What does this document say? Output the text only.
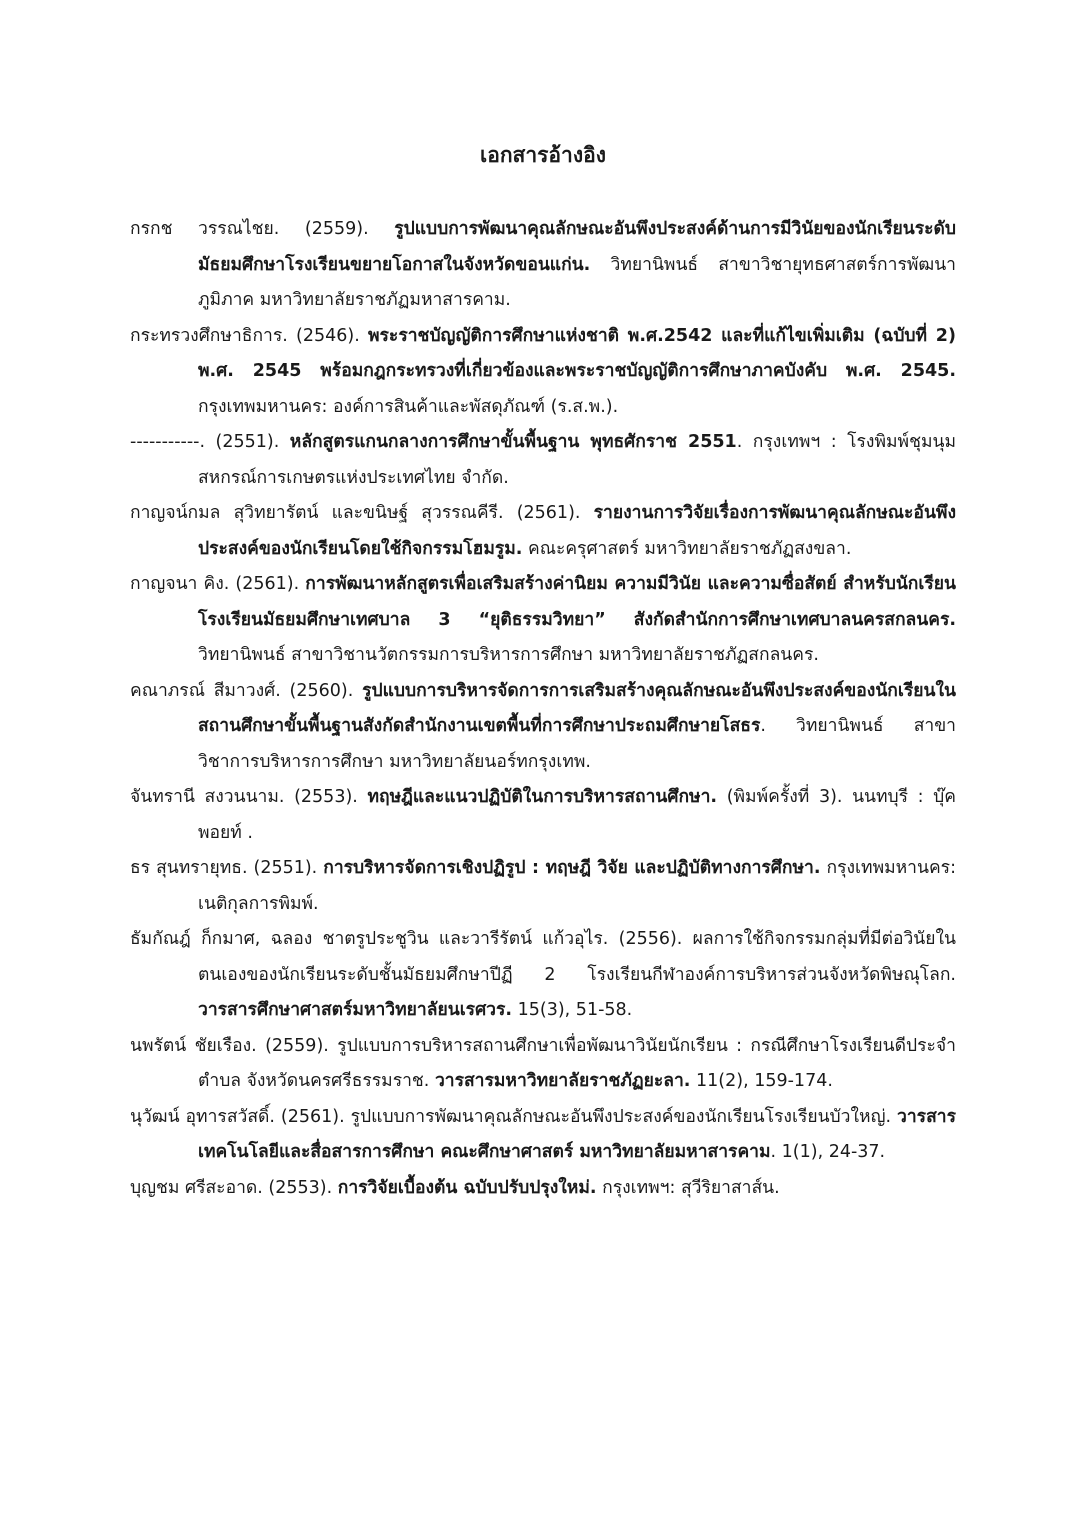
เอกสารอ้างอิง
กรกช วรรณไชย. (2559). รูปแบบการพัฒนาคุณลักษณะอันพึงประสงค์ด้านการมีวินัยของนักเรียนระดับมัธยมศึกษาโรงเรียนขยายโอกาสในจังหวัดขอนแก่น. วิทยานิพนธ์ สาขาวิชายุทธศาสตร์การพัฒนาภูมิภาค มหาวิทยาลัยราชภัฏมหาสารคาม.
กระทรวงศึกษาธิการ. (2546). พระราชบัญญัติการศึกษาแห่งชาติ พ.ศ.2542 และที่แก้ไขเพิ่มเติม (ฉบับที่ 2) พ.ศ. 2545 พร้อมกฎกระทรวงที่เกี่ยวข้องและพระราชบัญญัติการศึกษาภาคบังคับ พ.ศ. 2545. กรุงเทพมหานคร: องค์การสินค้าและพัสดุภัณฑ์ (ร.ส.พ.).
-----------. (2551). หลักสูตรแกนกลางการศึกษาขั้นพื้นฐาน พุทธศักราช 2551. กรุงเทพฯ : โรงพิมพ์ชุมนุมสหกรณ์การเกษตรแห่งประเทศไทย จำกัด.
กาญจน์กมล สุวิทยารัตน์ และขนิษฐ์ สุวรรณคีรี. (2561). รายงานการวิจัยเรื่องการพัฒนาคุณลักษณะอันพึงประสงค์ของนักเรียนโดยใช้กิจกรรมโฮมรูม. คณะครุศาสตร์ มหาวิทยาลัยราชภัฏสงขลา.
กาญจนา คิง. (2561). การพัฒนาหลักสูตรเพื่อเสริมสร้างค่านิยม ความมีวินัย และความซื่อสัตย์ สำหรับนักเรียนโรงเรียนมัธยมศึกษาเทศบาล 3 “ยุติธรรมวิทยา” สังกัดสำนักการศึกษาเทศบาลนครสกลนคร. วิทยานิพนธ์ สาขาวิชานวัตกรรมการบริหารการศึกษา มหาวิทยาลัยราชภัฏสกลนคร.
คณาภรณ์ สีมาวงศ์. (2560). รูปแบบการบริหารจัดการการเสริมสร้างคุณลักษณะอันพึงประสงค์ของนักเรียนในสถานศึกษาขั้นพื้นฐานสังกัดสำนักงานเขตพื้นที่การศึกษาประถมศึกษายโสธร. วิทยานิพนธ์ สาขาวิชาการบริหารการศึกษา มหาวิทยาลัยนอร์ทกรุงเทพ.
จันทรานี สงวนนาม. (2553). ทฤษฎีและแนวปฏิบัติในการบริหารสถานศึกษา. (พิมพ์ครั้งที่ 3). นนทบุรี : บุ๊คพอยท์ .
ธร สุนทรายุทธ. (2551). การบริหารจัดการเชิงปฏิรูป : ทฤษฎี วิจัย และปฏิบัติทางการศึกษา. กรุงเทพมหานคร: เนติกุลการพิมพ์.
ธัมกัณฎ์ ก็กมาศ, ฉลอง ชาตรูประชูวิน และวารีรัตน์ แก้วอุไร. (2556). ผลการใช้กิจกรรมกลุ่มที่มีต่อวินัยในตนเองของนักเรียนระดับชั้นมัธยมศึกษาปีฏี 2 โรงเรียนกีฬาองค์การบริหารส่วนจังหวัดพิษณุโลก. วารสารศึกษาศาสตร์มหาวิทยาลัยนเรศวร. 15(3), 51-58.
นพรัตน์ ชัยเรือง. (2559). รูปแบบการบริหารสถานศึกษาเพื่อพัฒนาวินัยนักเรียน : กรณีศึกษาโรงเรียนดีประจำตำบล จังหวัดนครศรีธรรมราช. วารสารมหาวิทยาลัยราชภัฏยะลา. 11(2), 159-174.
นุวัฒน์ อุทารสวัสดิ์. (2561). รูปแบบการพัฒนาคุณลักษณะอันพึงประสงค์ของนักเรียนโรงเรียนบัวใหญ่. วารสารเทคโนโลยีและสื่อสารการศึกษา คณะศึกษาศาสตร์ มหาวิทยาลัยมหาสารคาม. 1(1), 24-37.
บุญชม ศรีสะอาด. (2553). การวิจัยเบื้องต้น ฉบับปรับปรุงใหม่. กรุงเทพฯ: สุวีริยาสาส์น.
